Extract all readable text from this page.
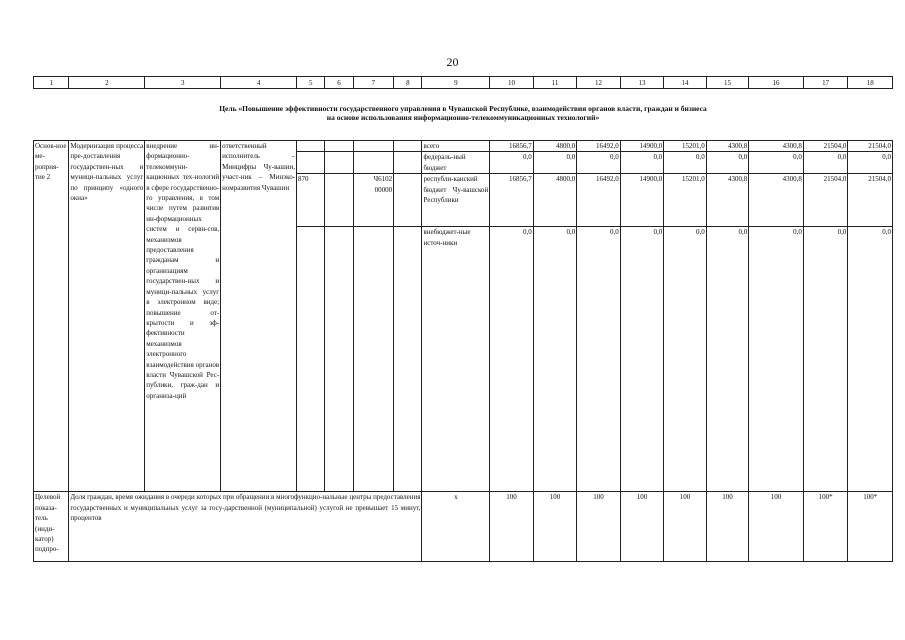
20
1	2	3	4	5	6	7	8	9	10	11	12	13	14	15	16	17	18
Цель «Повышение эффективности государственного управления в Чувашской Республике, взаимодействия органов власти, граждан и бизнеса
на основе использования информационно-телекоммуникационных технологий»
Основ-ное ме-роприя-тие 2	Модернизация процесса пре-доставления государствен-ных и муници-пальных услуг по принципу «одного окна»	внедрение ин-формационно-телекоммуни-кационных тех-нологий в сфере государственно-го управления, в том числе путем развития ин-формационных систем и серви-сов, механизмов предоставления гражданам и организациям государствен-ных и муници-пальных услуг в электронном виде; повышение от-крытости и эф-фективности механизмов электронного взаимодействия органов власти Чувашской Рес-публики, граж-дан и организа-ций	ответственный исполнитель – Минцифры Чу-вашии, участ-ник – Минэко-номразвития Чувашии					всего	16856,7	4800,0	16492,0	14900,0	15201,0	4300,8	4300,8	21504,0	21504,0
								федераль-ный бюджет	0,0	0,0	0,0	0,0	0,0	0,0	0,0	0,0	0,0
				870		Ч6102 00000		республи-канский бюджет Чу-вашской Республики	16856,7	4800,0	16492,0	14900,0	15201,0	4300,8	4300,8	21504,0	21504,0
								внебюджет-ные источ-ники	0,0	0,0	0,0	0,0	0,0	0,0	0,0	0,0	0,0
Целевой показа-тель (инди-катор) подпро-	Доля граждан, время ожидания в очереди которых при обращении в многофункцио-нальные центры предоставления государственных и муниципальных услуг за госу-дарственной (муниципальной) услугой не превышает 15 минут, процентов							x	100	100	100	100	100	100	100	100*	100*
